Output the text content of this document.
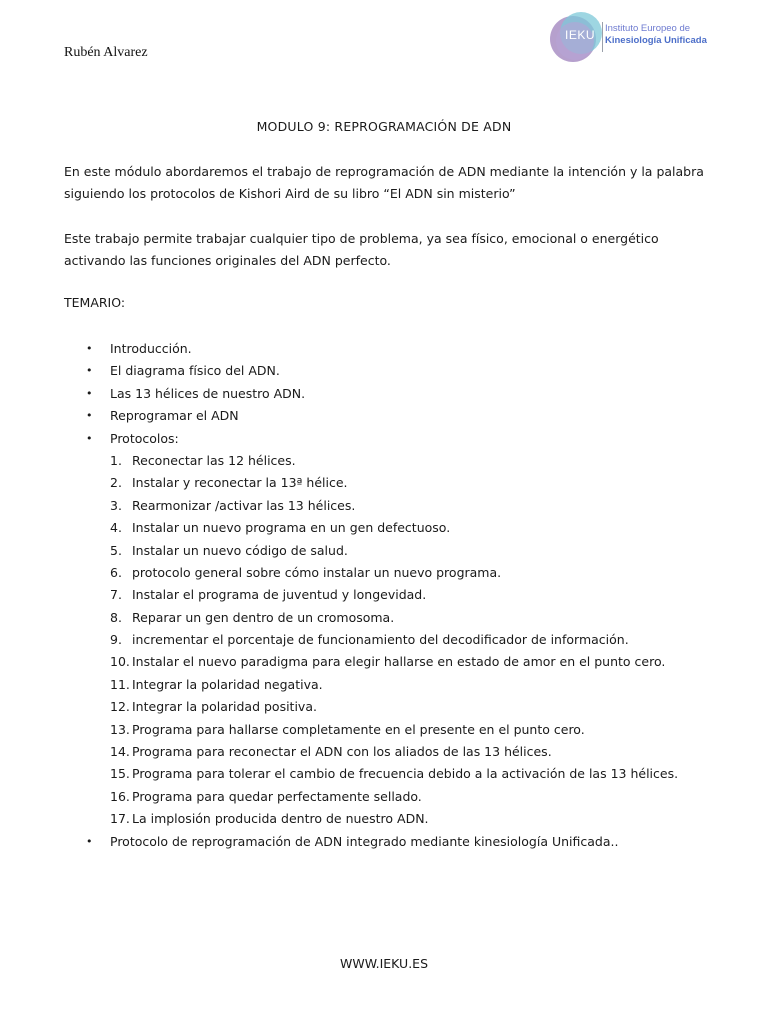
Rubén Alvarez
IEKU	Instituto Europeo de
Kinesiología Unificada
MODULO 9: REPROGRAMACIÓN DE ADN
En este módulo abordaremos el trabajo de reprogramación de ADN mediante la intención y la palabra siguiendo los protocolos de Kishori Aird de su libro “El ADN sin misterio”
Este trabajo permite trabajar cualquier tipo de problema, ya sea físico, emocional o energético activando las funciones originales del ADN perfecto.
TEMARIO:
• Introducción.
• El diagrama físico del ADN.
• Las 13 hélices de nuestro ADN.
• Reprogramar el ADN
• Protocolos:
1. Reconectar las 12 hélices.
2. Instalar y reconectar la 13ª hélice.
3. Rearmonizar /activar las 13 hélices.
4. Instalar un nuevo programa en un gen defectuoso.
5. Instalar un nuevo código de salud.
6. protocolo general sobre cómo instalar un nuevo programa.
7. Instalar el programa de juventud y longevidad.
8. Reparar un gen dentro de un cromosoma.
9. incrementar el porcentaje de funcionamiento del decodificador de información.
10. Instalar el nuevo paradigma para elegir hallarse en estado de amor en el punto cero.
11. Integrar la polaridad negativa.
12. Integrar la polaridad positiva.
13. Programa para hallarse completamente en el presente en el punto cero.
14. Programa para reconectar el ADN con los aliados de las 13 hélices.
15. Programa para tolerar el cambio de frecuencia debido a la activación de las 13 hélices.
16. Programa para quedar perfectamente sellado.
17. La implosión producida dentro de nuestro ADN.
• Protocolo de reprogramación de ADN integrado mediante kinesiología Unificada..
WWW.IEKU.ES
